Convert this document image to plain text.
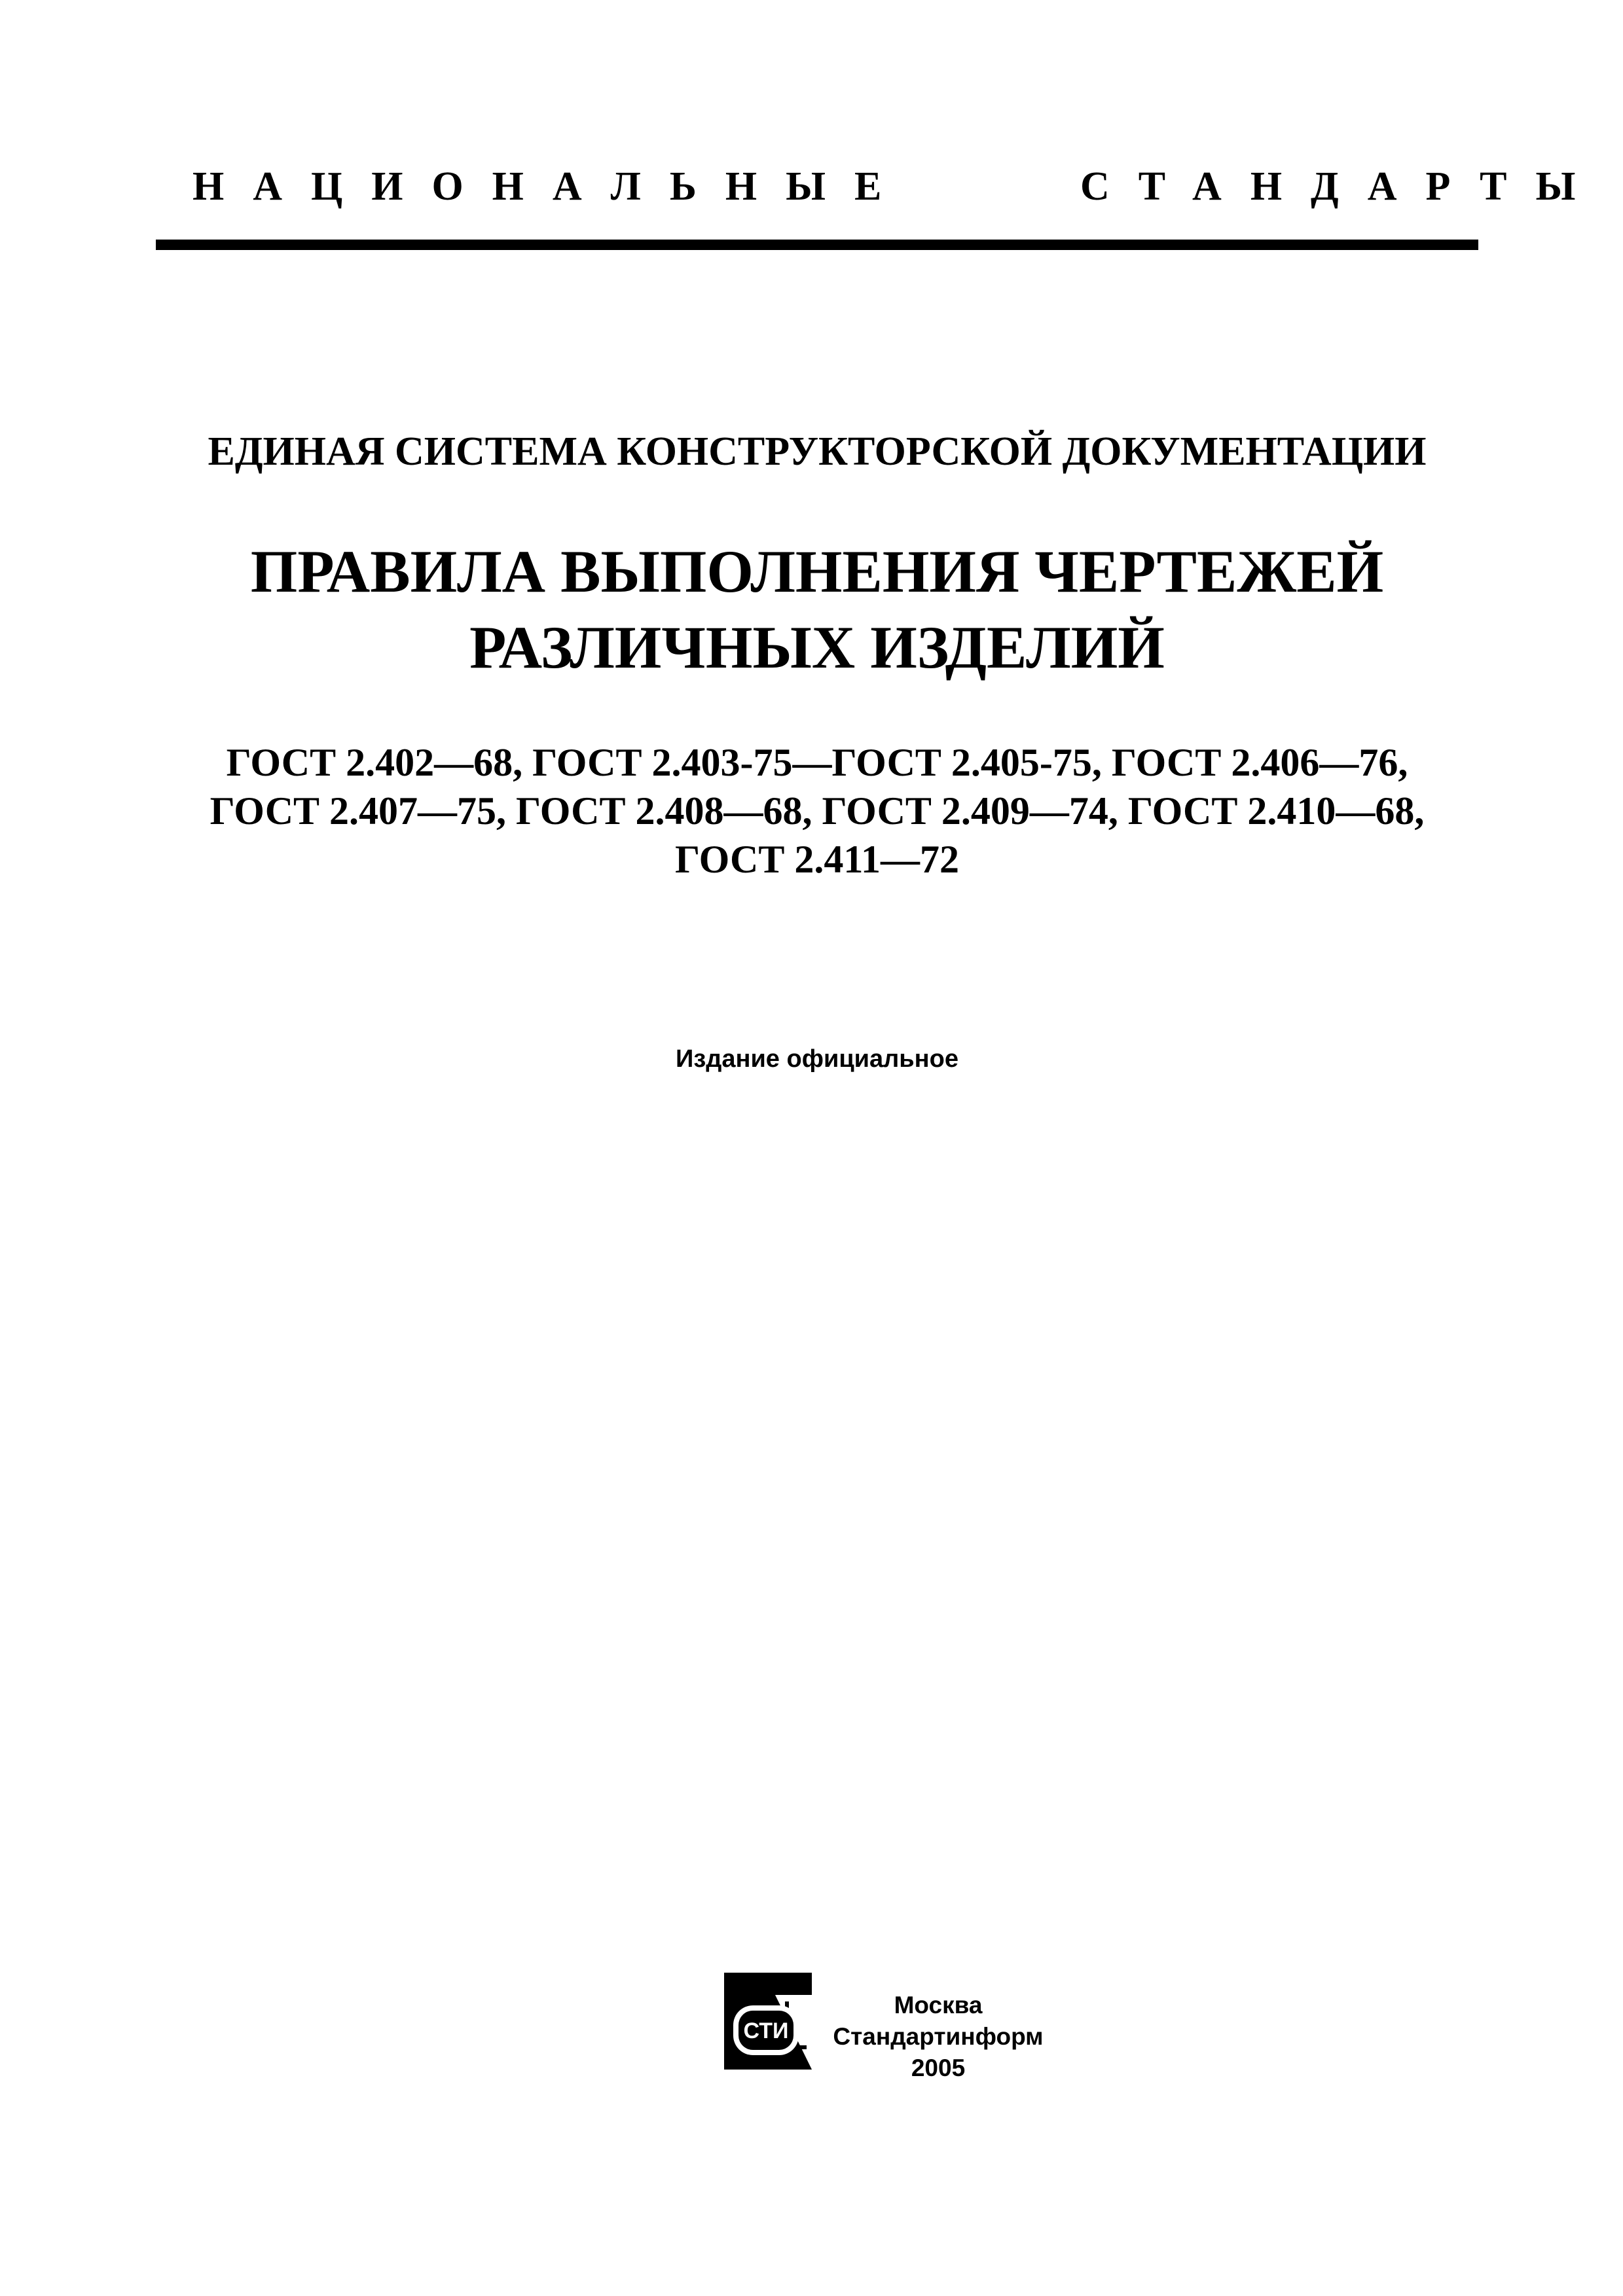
НАЦИОНАЛЬНЫЕ	СТАНДАРТЫ
ЕДИНАЯ СИСТЕМА КОНСТРУКТОРСКОЙ ДОКУМЕНТАЦИИ
ПРАВИЛА ВЫПОЛНЕНИЯ ЧЕРТЕЖЕЙ
РАЗЛИЧНЫХ ИЗДЕЛИЙ
ГОСТ 2.402—68, ГОСТ 2.403-75—ГОСТ 2.405-75, ГОСТ 2.406—76,
ГОСТ 2.407—75, ГОСТ 2.408—68, ГОСТ 2.409—74, ГОСТ 2.410—68,
ГОСТ 2.411—72
Издание официальное
СТИ
Москва
Стандартинформ
2005
